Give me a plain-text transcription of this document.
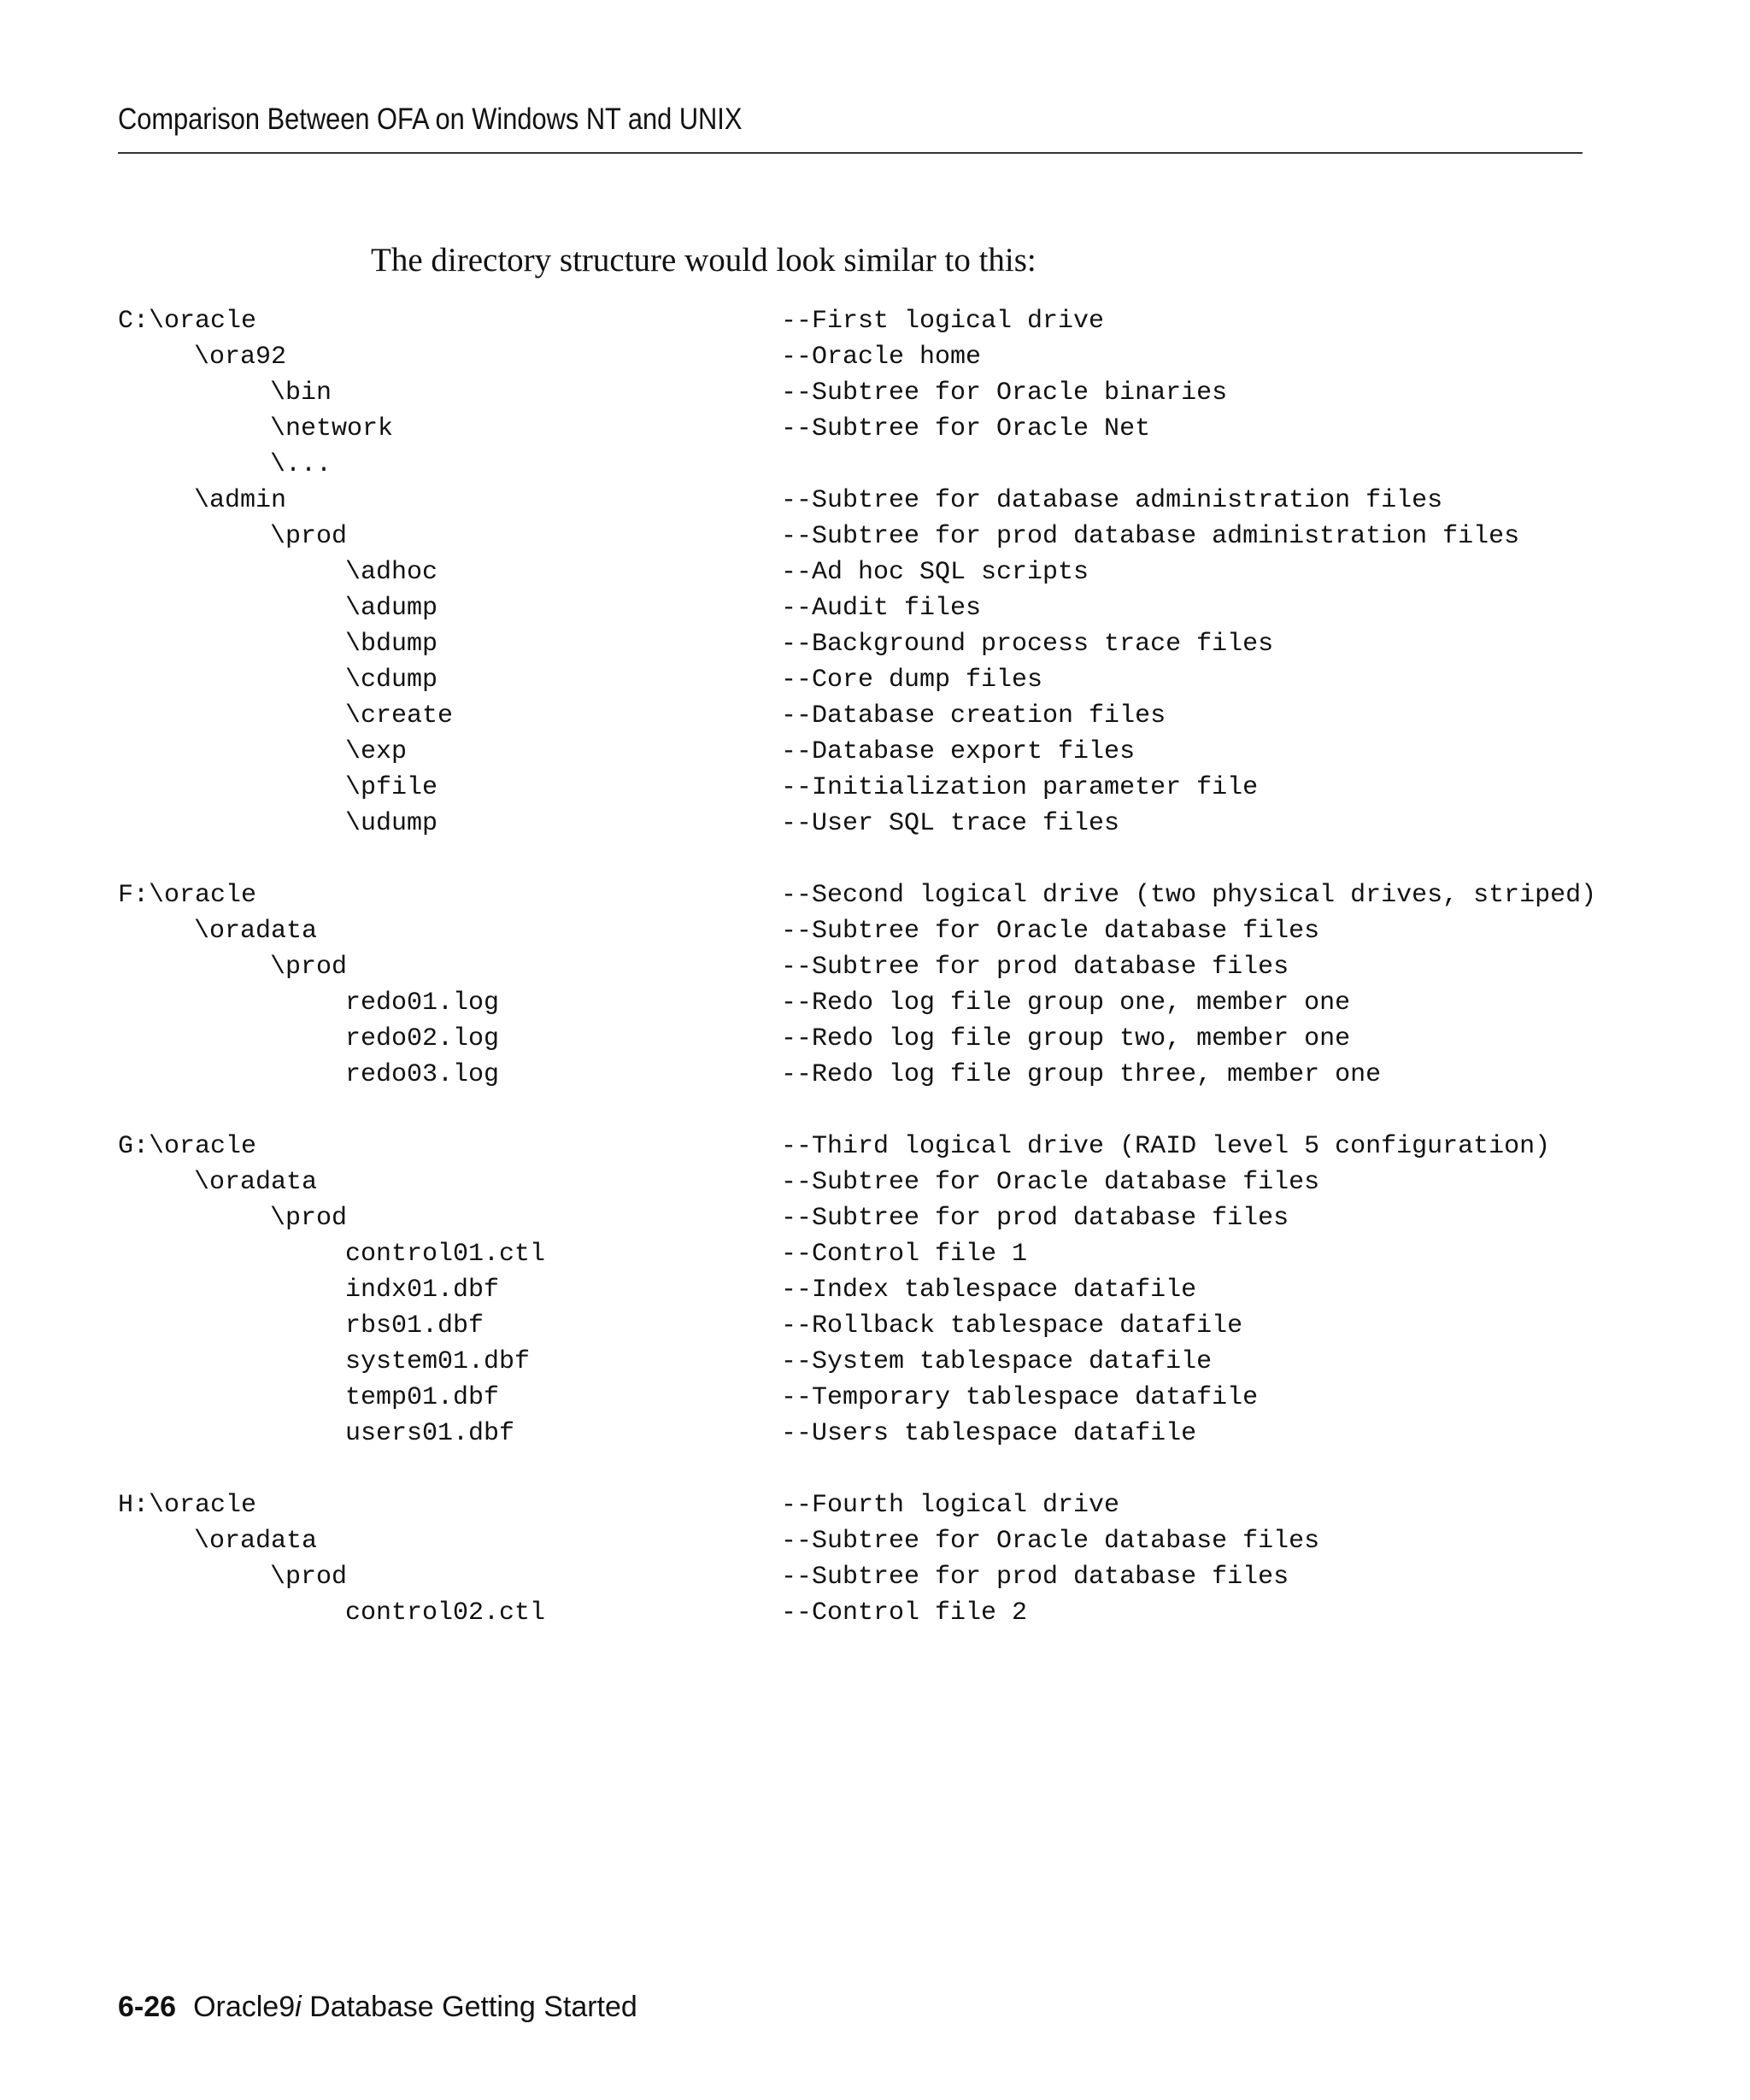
Comparison Between OFA on Windows NT and UNIX
The directory structure would look similar to this:
C:\oracle	--First logical drive
\ora92	--Oracle home
\bin	--Subtree for Oracle binaries
\network	--Subtree for Oracle Net
\...
\admin	--Subtree for database administration files
\prod	--Subtree for prod database administration files
\adhoc	--Ad hoc SQL scripts
\adump	--Audit files
\bdump	--Background process trace files
\cdump	--Core dump files
\create	--Database creation files
\exp	--Database export files
\pfile	--Initialization parameter file
\udump	--User SQL trace files
F:\oracle	--Second logical drive (two physical drives, striped)
\oradata	--Subtree for Oracle database files
\prod	--Subtree for prod database files
redo01.log	--Redo log file group one, member one
redo02.log	--Redo log file group two, member one
redo03.log	--Redo log file group three, member one
G:\oracle	--Third logical drive (RAID level 5 configuration)
\oradata	--Subtree for Oracle database files
\prod	--Subtree for prod database files
control01.ctl	--Control file 1
indx01.dbf	--Index tablespace datafile
rbs01.dbf	--Rollback tablespace datafile
system01.dbf	--System tablespace datafile
temp01.dbf	--Temporary tablespace datafile
users01.dbf	--Users tablespace datafile
H:\oracle	--Fourth logical drive
\oradata	--Subtree for Oracle database files
\prod	--Subtree for prod database files
control02.ctl	--Control file 2
6-26 Oracle9i Database Getting Started
